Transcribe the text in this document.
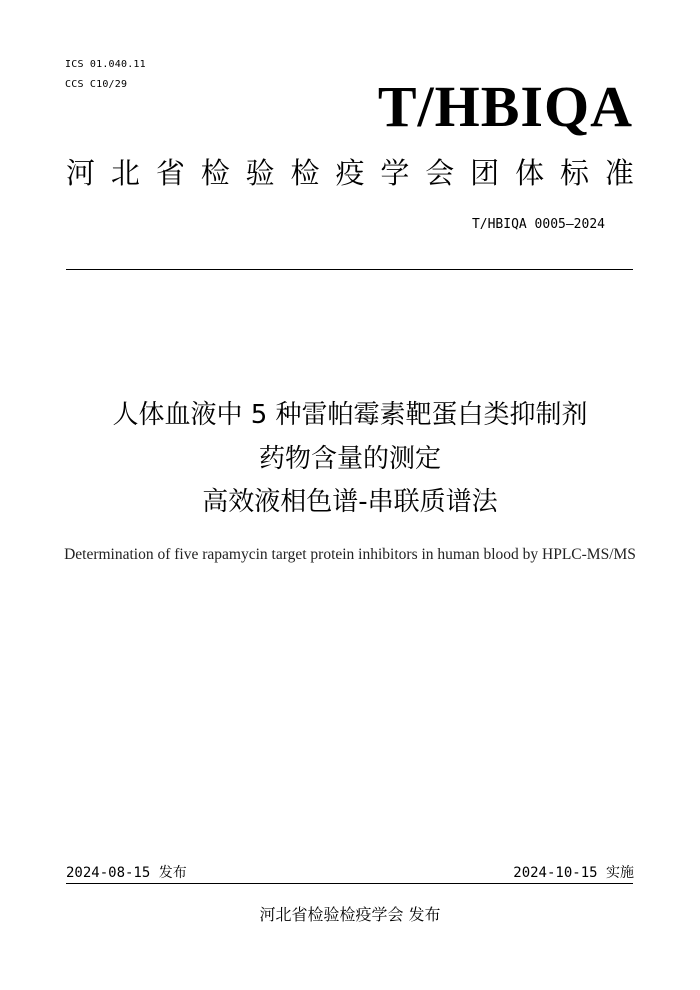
ICS 01.040.11
CCS C10/29	T/HBIQA
河 北 省 检 验 检 疫 学 会 团 体 标 准
T/HBIQA 0005—2024
人体血液中 5 种雷帕霉素靶蛋白类抑制剂
药物含量的测定
高效液相色谱-串联质谱法
Determination of five rapamycin target protein inhibitors in human blood by HPLC-MS/MS
2024-08-15 发布	2024-10-15 实施
河北省检验检疫学会 发布
